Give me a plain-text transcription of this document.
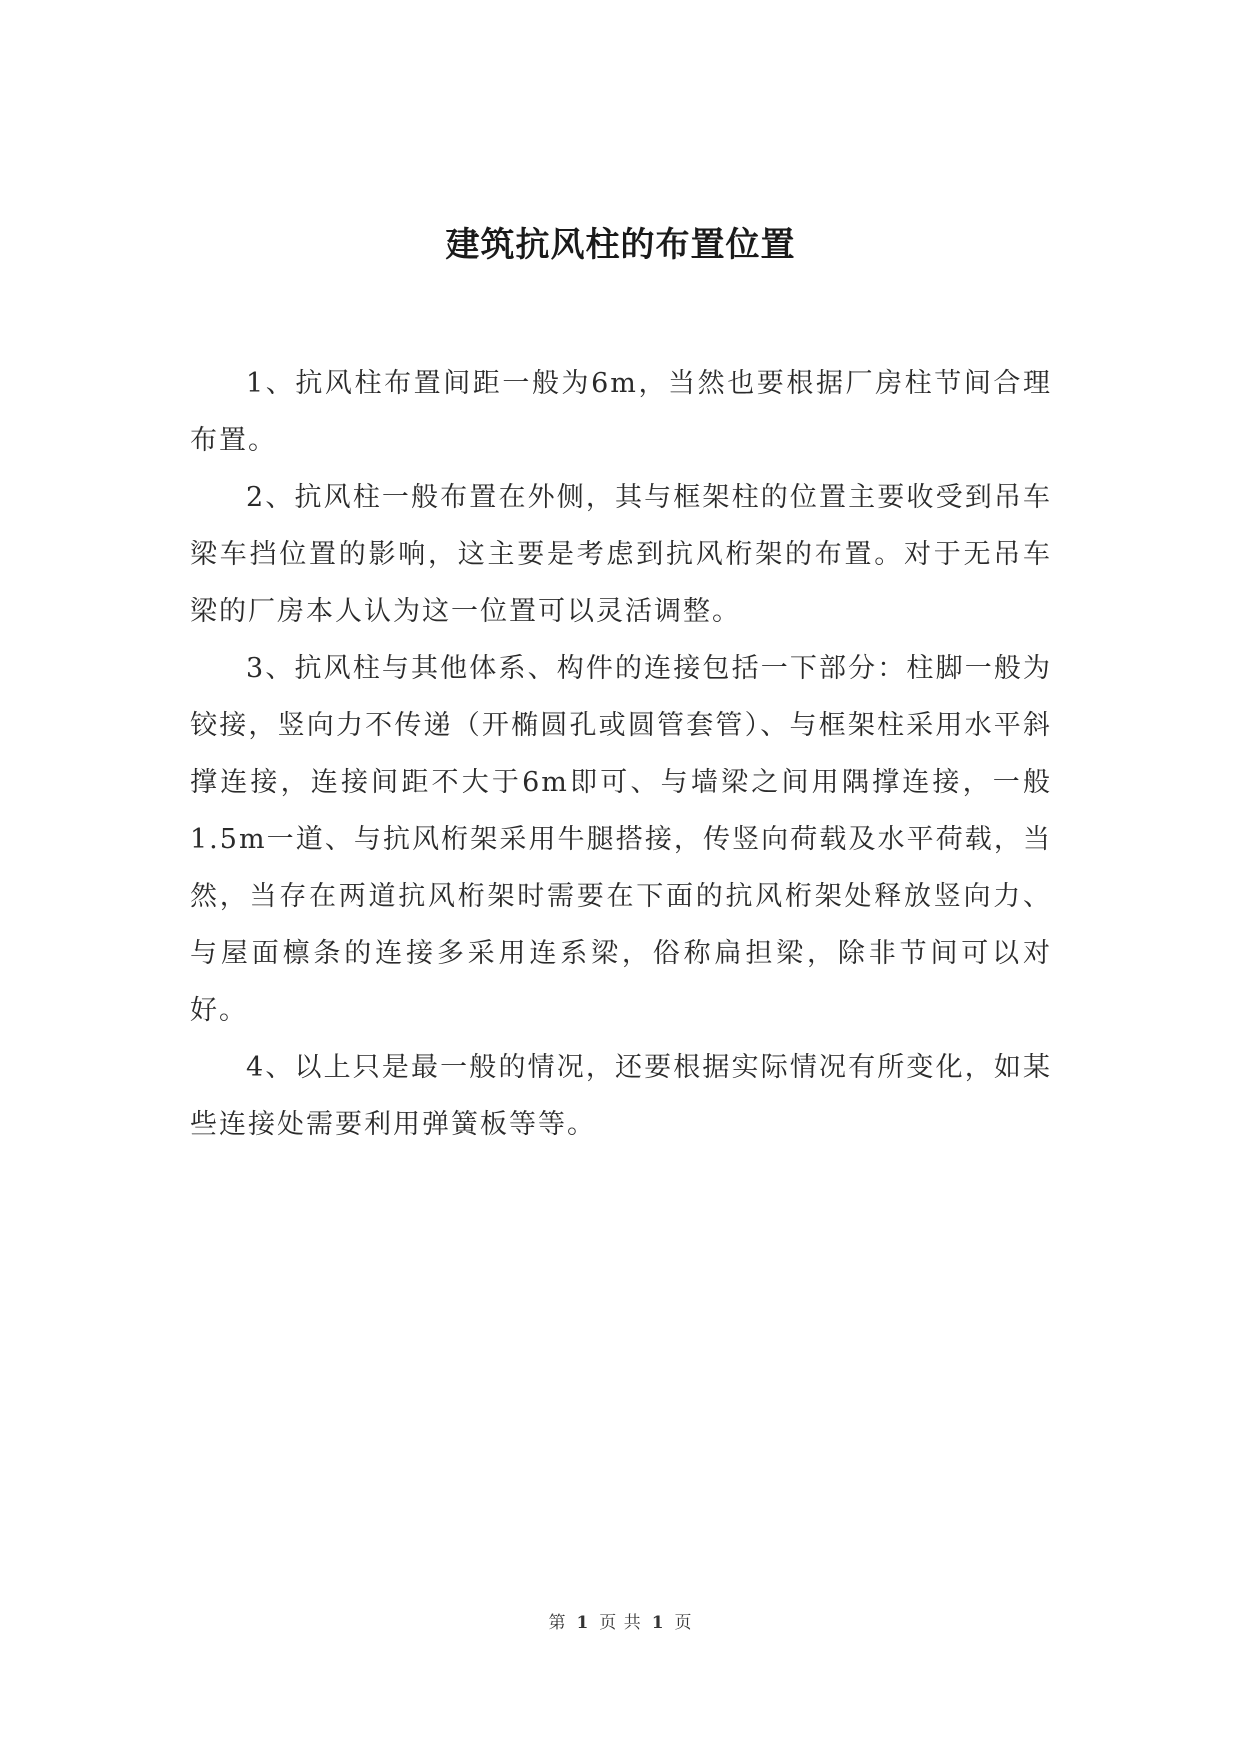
建筑抗风柱的布置位置

1、抗风柱布置间距一般为6m，当然也要根据厂房柱节间合理布置。

2、抗风柱一般布置在外侧，其与框架柱的位置主要收受到吊车梁车挡位置的影响，这主要是考虑到抗风桁架的布置。对于无吊车梁的厂房本人认为这一位置可以灵活调整。

3、抗风柱与其他体系、构件的连接包括一下部分：柱脚一般为铰接，竖向力不传递（开椭圆孔或圆管套管）、与框架柱采用水平斜撑连接，连接间距不大于6m即可、与墙梁之间用隅撑连接，一般1.5m一道、与抗风桁架采用牛腿搭接，传竖向荷载及水平荷载，当然，当存在两道抗风桁架时需要在下面的抗风桁架处释放竖向力、与屋面檩条的连接多采用连系梁，俗称扁担梁，除非节间可以对好。

4、以上只是最一般的情况，还要根据实际情况有所变化，如某些连接处需要利用弹簧板等等。

第 1 页 共 1 页
